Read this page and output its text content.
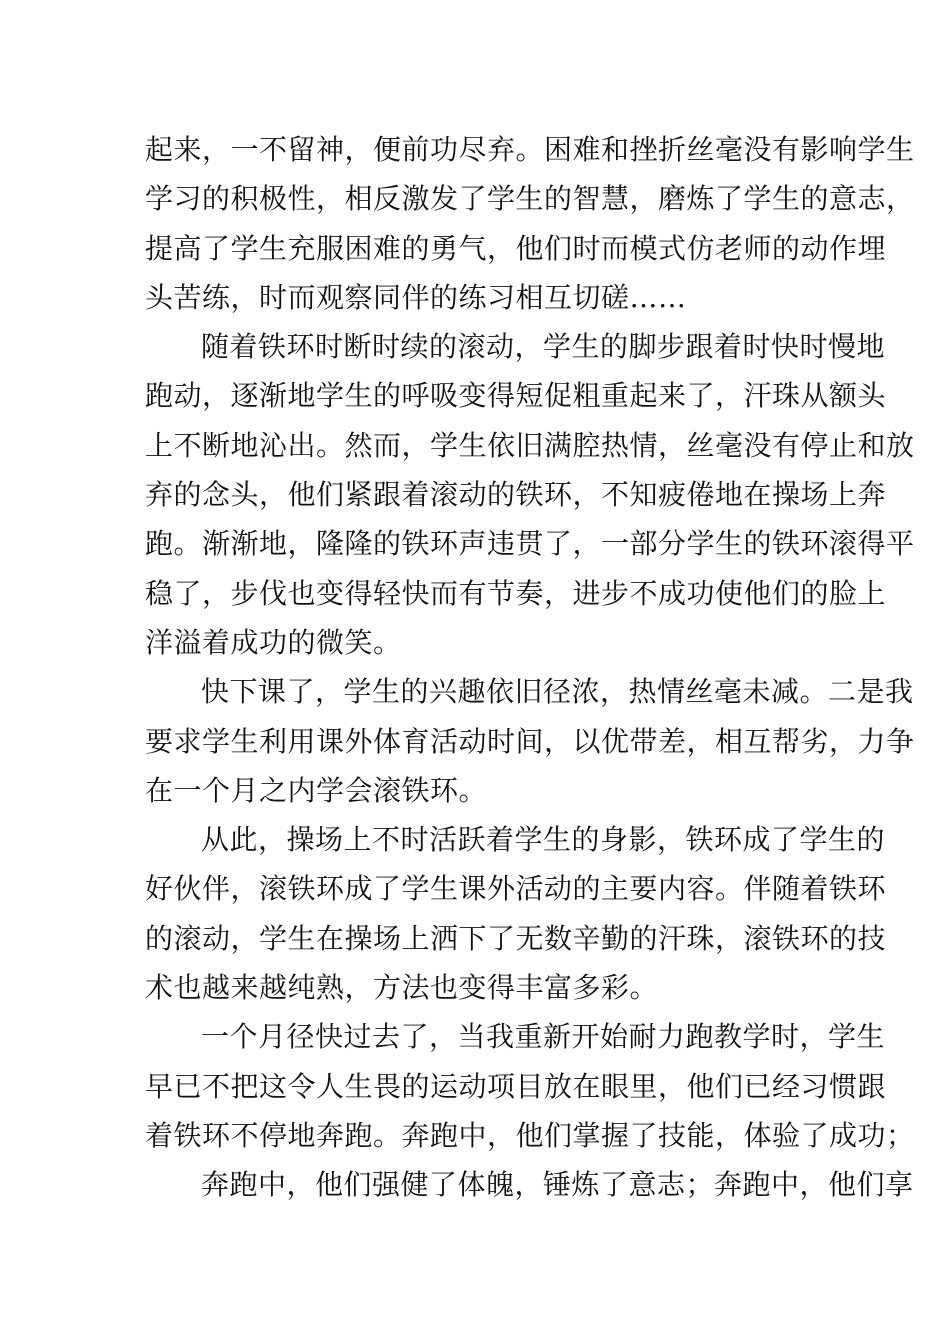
起来，一不留神，便前功尽弃。困难和挫折丝毫没有影响学生
学习的积极性，相反激发了学生的智慧，磨炼了学生的意志，
提高了学生充服困难的勇气，他们时而模式仿老师的动作埋
头苦练，时而观察同伴的练习相互切磋……
随着铁环时断时续的滚动，学生的脚步跟着时快时慢地
跑动，逐渐地学生的呼吸变得短促粗重起来了，汗珠从额头
上不断地沁出。然而，学生依旧满腔热情，丝毫没有停止和放
弃的念头，他们紧跟着滚动的铁环，不知疲倦地在操场上奔
跑。渐渐地，隆隆的铁环声违贯了，一部分学生的铁环滚得平
稳了，步伐也变得轻快而有节奏，进步不成功使他们的脸上
洋溢着成功的微笑。
快下课了，学生的兴趣依旧径浓，热情丝毫未减。二是我
要求学生利用课外体育活动时间，以优带差，相互帮劣，力争
在一个月之内学会滚铁环。
从此，操场上不时活跃着学生的身影，铁环成了学生的
好伙伴，滚铁环成了学生课外活动的主要内容。伴随着铁环
的滚动，学生在操场上洒下了无数辛勤的汗珠，滚铁环的技
术也越来越纯熟，方法也变得丰富多彩。
一个月径快过去了，当我重新开始耐力跑教学时，学生
早已不把这令人生畏的运动项目放在眼里，他们已经习惯跟
着铁环不停地奔跑。奔跑中，他们掌握了技能，体验了成功；
奔跑中，他们强健了体魄，锤炼了意志；奔跑中，他们享
